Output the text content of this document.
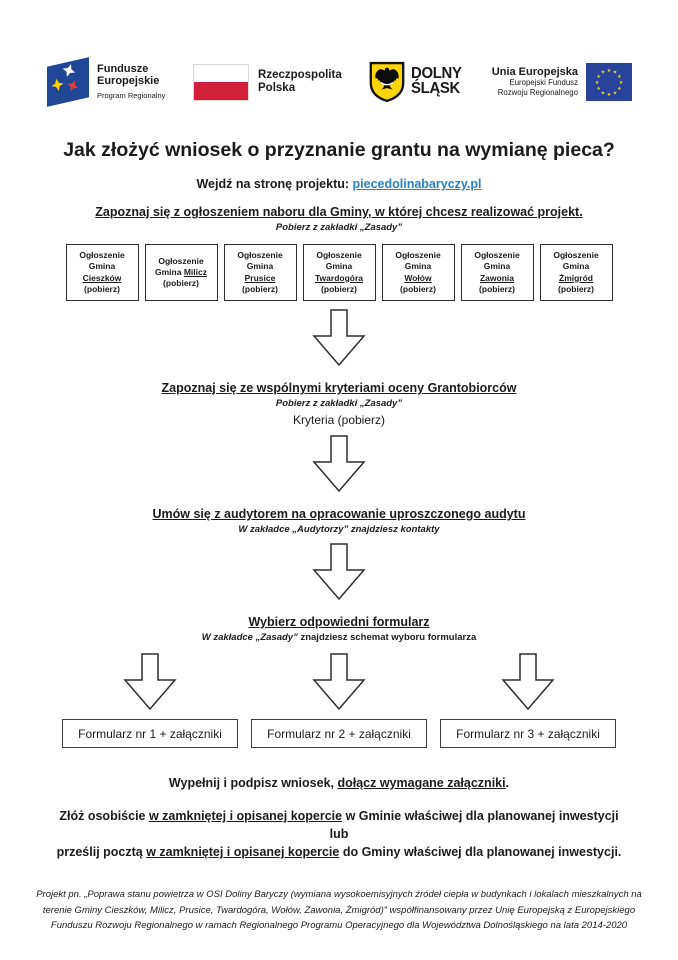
Fundusze
Europejskie
Program Regionalny
Rzeczpospolita
Polska
DOLNY
ŚLĄSK
Unia Europejska
Europejski Fundusz
Rozwoju Regionalnego
★ ★
★
★
★
★
★
★
★
★
★
★
Jak złożyć wniosek o przyznanie grantu na wymianę pieca?

Wejdź na stronę projektu: piecedolinabaryczy.pl

Zapoznaj się z ogłoszeniem naboru dla Gminy, w której chcesz realizować projekt.
Pobierz z zakładki „Zasady”
Ogłoszenie
Gmina
Cieszków
(pobierz)
Ogłoszenie
Gmina Milicz
(pobierz)
Ogłoszenie
Gmina
Prusice
(pobierz)
Ogłoszenie
Gmina
Twardogóra
(pobierz)
Ogłoszenie
Gmina
Wołów
(pobierz)
Ogłoszenie
Gmina
Zawonia
(pobierz)
Ogłoszenie
Gmina
Żmigród
(pobierz)
Zapoznaj się ze wspólnymi kryteriami oceny Grantobiorców
Pobierz z zakładki „Zasady”
Kryteria (pobierz)
Umów się z audytorem na opracowanie uproszczonego audytu
W zakładce „Audytorzy” znajdziesz kontakty
Wybierz odpowiedni formularz
W zakładce „Zasady” znajdziesz schemat wyboru formularza
Formularz nr 1 + załączniki	Formularz nr 2 + załączniki	Formularz nr 3 + załączniki
Wypełnij i podpisz wniosek, dołącz wymagane załączniki.
Złóż osobiście w zamkniętej i opisanej kopercie w Gminie właściwej dla planowanej inwestycji
lub
prześlij pocztą w zamkniętej i opisanej kopercie do Gminy właściwej dla planowanej inwestycji.
Projekt pn. „Poprawa stanu powietrza w OSI Doliny Baryczy (wymiana wysokoemisyjnych źródeł ciepła w budynkach i lokalach mieszkalnych na terenie Gminy Cieszków, Milicz, Prusice, Twardogóra, Wołów, Zawonia, Żmigród)” współfinansowany przez Unię Europejską z Europejskiego Funduszu Rozwoju Regionalnego w ramach Regionalnego Programu Operacyjnego dla Województwa Dolnośląskiego na lata 2014-2020
